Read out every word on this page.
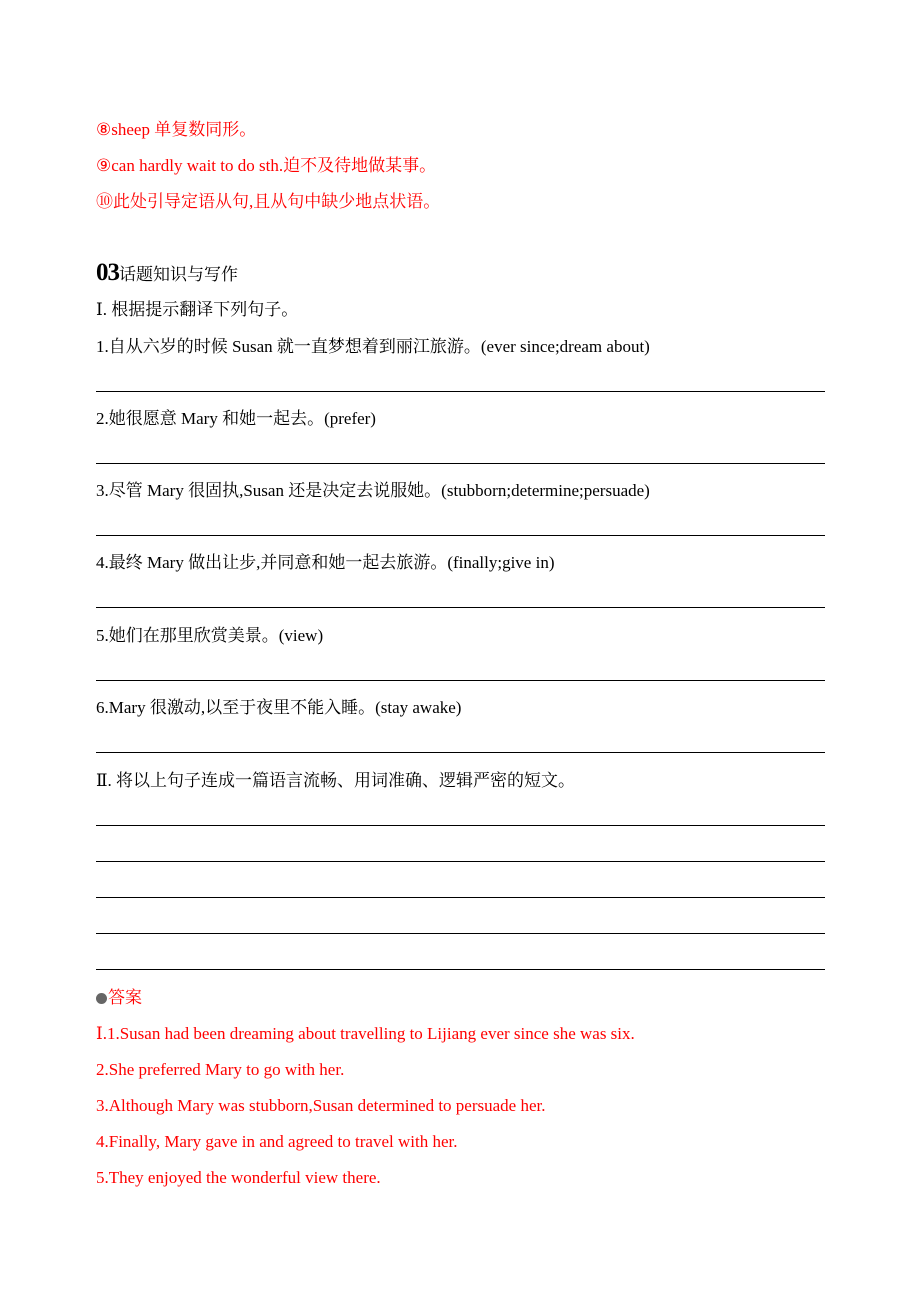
⑧sheep 单复数同形。
⑨can hardly wait to do sth.迫不及待地做某事。
⑩此处引导定语从句,且从句中缺少地点状语。
03话题知识与写作
Ⅰ. 根据提示翻译下列句子。
1.自从六岁的时候 Susan 就一直梦想着到丽江旅游。(ever since;dream about)
2.她很愿意 Mary 和她一起去。(prefer)
3.尽管 Mary 很固执,Susan 还是决定去说服她。(stubborn;determine;persuade)
4.最终 Mary 做出让步,并同意和她一起去旅游。(finally;give in)
5.她们在那里欣赏美景。(view)
6.Mary 很激动,以至于夜里不能入睡。(stay awake)
Ⅱ. 将以上句子连成一篇语言流畅、用词准确、逻辑严密的短文。
答案
Ⅰ.1.Susan had been dreaming about travelling to Lijiang ever since she was six.
2.She preferred Mary to go with her.
3.Although Mary was stubborn,Susan determined to persuade her.
4.Finally, Mary gave in and agreed to travel with her.
5.They enjoyed the wonderful view there.
